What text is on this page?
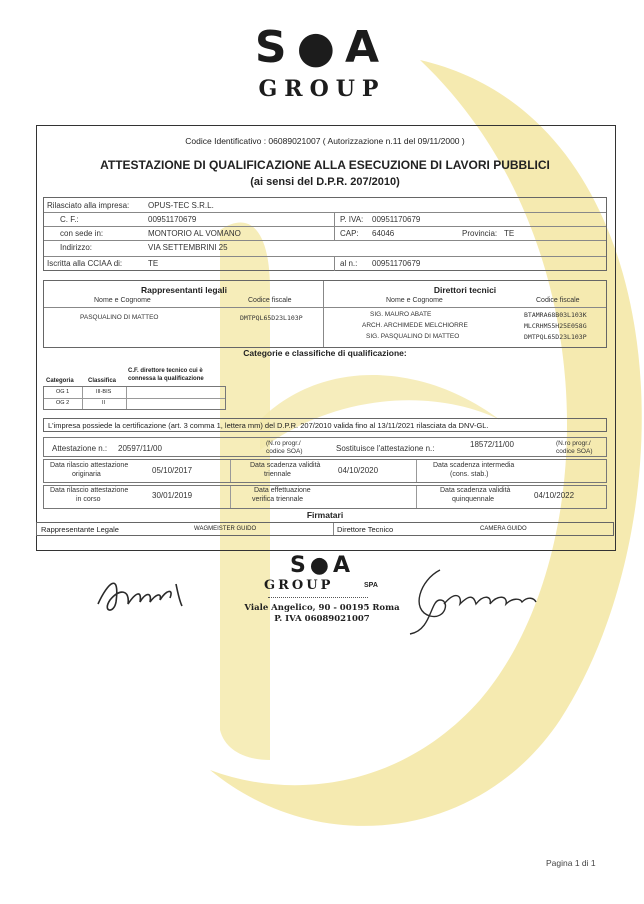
S●A
GROUP
Codice Identificativo : 06089021007 ( Autorizzazione n.11 del 09/11/2000 )
ATTESTAZIONE DI QUALIFICAZIONE ALLA ESECUZIONE DI LAVORI PUBBLICI
(ai sensi del D.P.R. 207/2010)
Rilasciato alla impresa: OPUS-TEC S.R.L.
C. F.:	00951170679	P. IVA: 00951170679
con sede in:	MONTORIO AL VOMANO	CAP: 64046	Provincia: TE
Indirizzo:	VIA SETTEMBRINI 25
Iscritta alla CCIAA di:	TE	al n.: 00951170679
Rappresentanti legali
Nome e Cognome	Codice fiscale
PASQUALINO DI MATTEO	DMTPQL65D23L103P
Direttori tecnici
Nome e Cognome	Codice fiscale
SIG. MAURO ABATE	BTAMRA68B03L103K
ARCH. ARCHIMEDE MELCHIORRE	MLCRHM55H25E058G
SIG. PASQUALINO DI MATTEO	DMTPQL65D23L103P
Categorie e classifiche di qualificazione:
Categoria Classifica
C.F. direttore tecnico cui è
connessa la qualificazione
OG 1	III-BIS
OG 2	II
L'impresa possiede la certificazione (art. 3 comma 1, lettera mm) del D.P.R. 207/2010 valida fino al 13/11/2021 rilasciata da DNV-GL.
Attestazione n.: 20597/11/00
(N.ro progr./
codice SOA)	Sostituisce l'attestazione n.:	18572/11/00	(N.ro progr./
codice SOA)
Data rilascio attestazione
originaria	05/10/2017
Data scadenza validità
triennale	04/10/2020
Data scadenza intermedia
(cons. stab.)
Data rilascio attestazione
in corso	30/01/2019
Data effettuazione
verifica triennale
Data scadenza validità
quinquennale	04/10/2022
Firmatari
Rappresentante Legale	WAGMEISTER GUIDO	Direttore Tecnico	CAMERA GUIDO
S●A
GROUP	SPA
Viale Angelico, 90 - 00195 Roma
P. IVA 06089021007
Pagina 1 di 1
